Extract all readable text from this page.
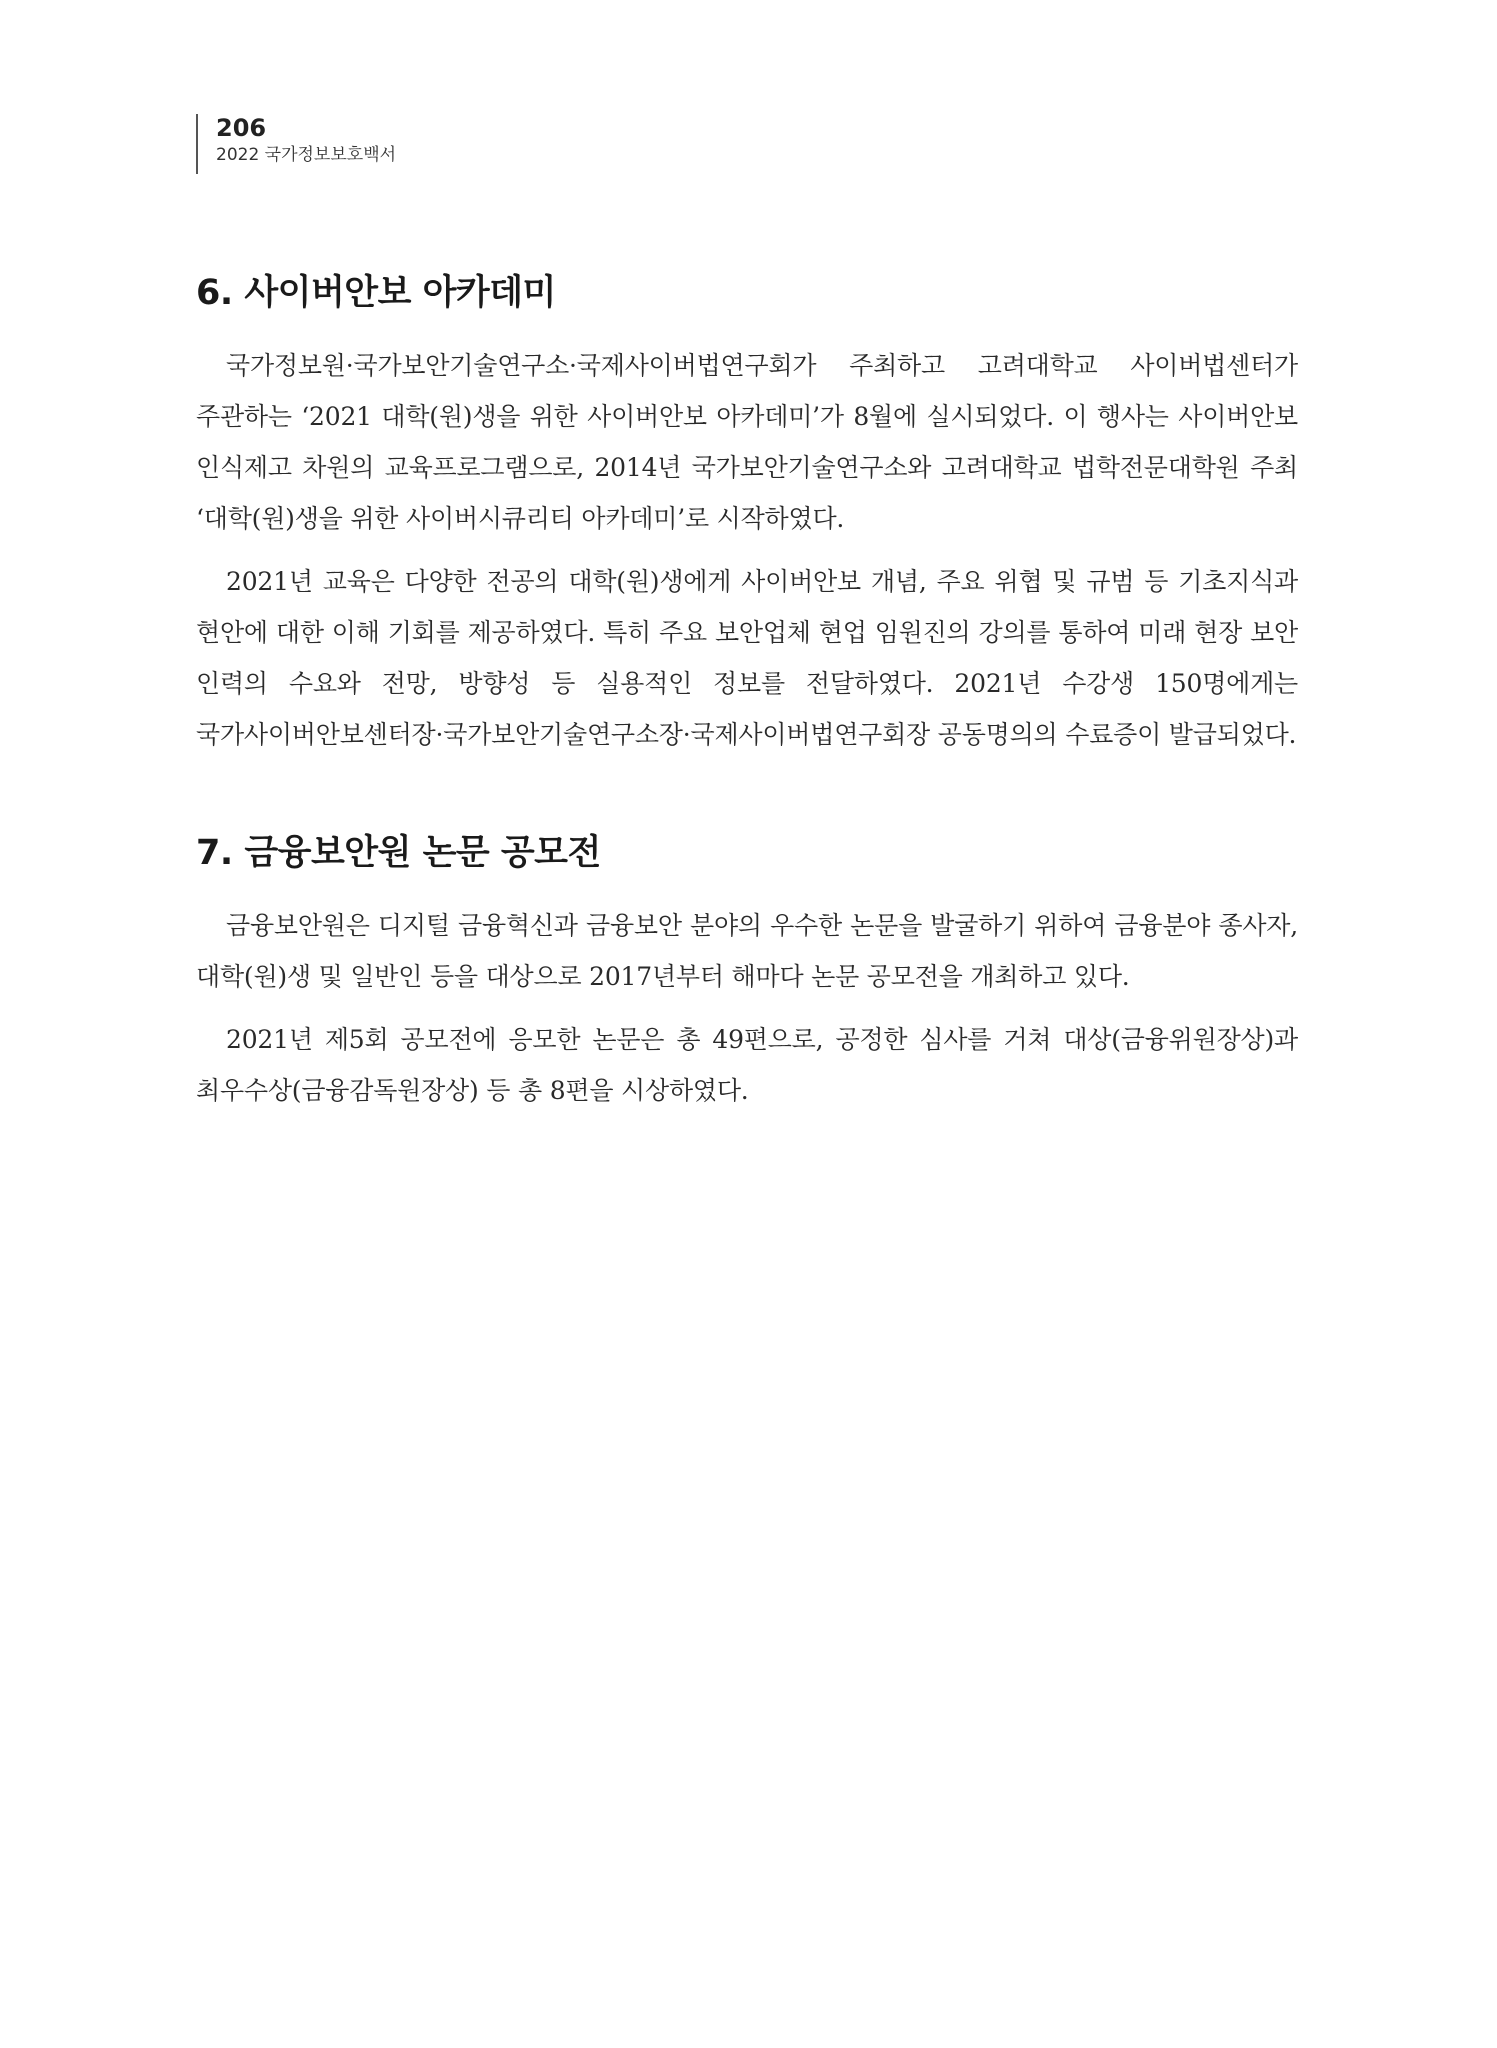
206
2022 국가정보보호백서
6. 사이버안보 아카데미

국가정보원·국가보안기술연구소·국제사이버법연구회가 주최하고 고려대학교 사이버법센터가 주관하는 ‘2021 대학(원)생을 위한 사이버안보 아카데미’가 8월에 실시되었다. 이 행사는 사이버안보 인식제고 차원의 교육프로그램으로, 2014년 국가보안기술연구소와 고려대학교 법학전문대학원 주최 ‘대학(원)생을 위한 사이버시큐리티 아카데미’로 시작하였다.

2021년 교육은 다양한 전공의 대학(원)생에게 사이버안보 개념, 주요 위협 및 규범 등 기초지식과 현안에 대한 이해 기회를 제공하였다. 특히 주요 보안업체 현업 임원진의 강의를 통하여 미래 현장 보안 인력의 수요와 전망, 방향성 등 실용적인 정보를 전달하였다. 2021년 수강생 150명에게는 국가사이버안보센터장·국가보안기술연구소장·국제사이버법연구회장 공동명의의 수료증이 발급되었다.

7. 금융보안원 논문 공모전

금융보안원은 디지털 금융혁신과 금융보안 분야의 우수한 논문을 발굴하기 위하여 금융분야 종사자, 대학(원)생 및 일반인 등을 대상으로 2017년부터 해마다 논문 공모전을 개최하고 있다.

2021년 제5회 공모전에 응모한 논문은 총 49편으로, 공정한 심사를 거쳐 대상(금융위원장상)과 최우수상(금융감독원장상) 등 총 8편을 시상하였다.
